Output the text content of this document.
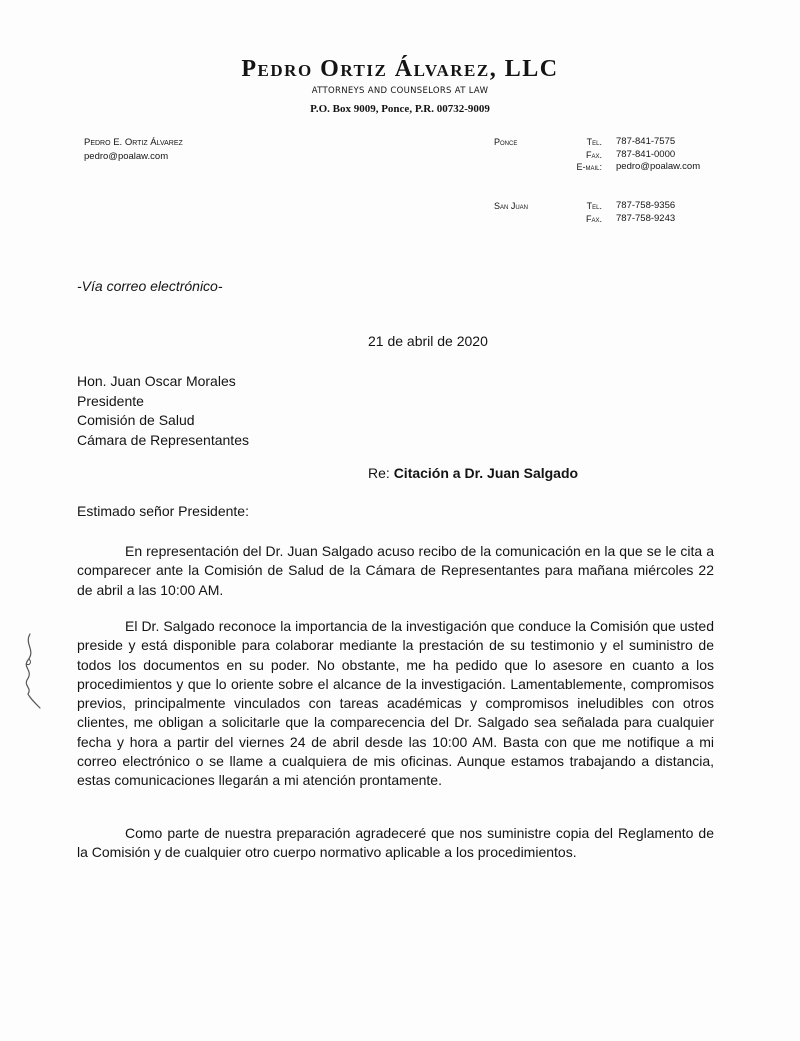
Pedro Ortiz Álvarez, LLC
ATTORNEYS AND COUNSELORS AT LAW
P.O. Box 9009, Ponce, P.R. 00732-9009
Pedro E. Ortiz Álvarez
pedro@poalaw.com
Ponce	Tel.
Fax.
E-mail:
787-841-7575
787-841-0000
pedro@poalaw.com
San Juan	Tel.
Fax.
787-758-9356
787-758-9243
-Vía correo electrónico-
21 de abril de 2020
Hon. Juan Oscar Morales
Presidente
Comisión de Salud
Cámara de Representantes
Re: Citación a Dr. Juan Salgado
Estimado señor Presidente:
En representación del Dr. Juan Salgado acuso recibo de la comunicación en la que se le cita a comparecer ante la Comisión de Salud de la Cámara de Representantes para mañana miércoles 22 de abril a las 10:00 AM.
El Dr. Salgado reconoce la importancia de la investigación que conduce la Comisión que usted preside y está disponible para colaborar mediante la prestación de su testimonio y el suministro de todos los documentos en su poder. No obstante, me ha pedido que lo asesore en cuanto a los procedimientos y que lo oriente sobre el alcance de la investigación. Lamentablemente, compromisos previos, principalmente vinculados con tareas académicas y compromisos ineludibles con otros clientes, me obligan a solicitarle que la comparecencia del Dr. Salgado sea señalada para cualquier fecha y hora a partir del viernes 24 de abril desde las 10:00 AM. Basta con que me notifique a mi correo electrónico o se llame a cualquiera de mis oficinas. Aunque estamos trabajando a distancia, estas comunicaciones llegarán a mi atención prontamente.
Como parte de nuestra preparación agradeceré que nos suministre copia del Reglamento de la Comisión y de cualquier otro cuerpo normativo aplicable a los procedimientos.
